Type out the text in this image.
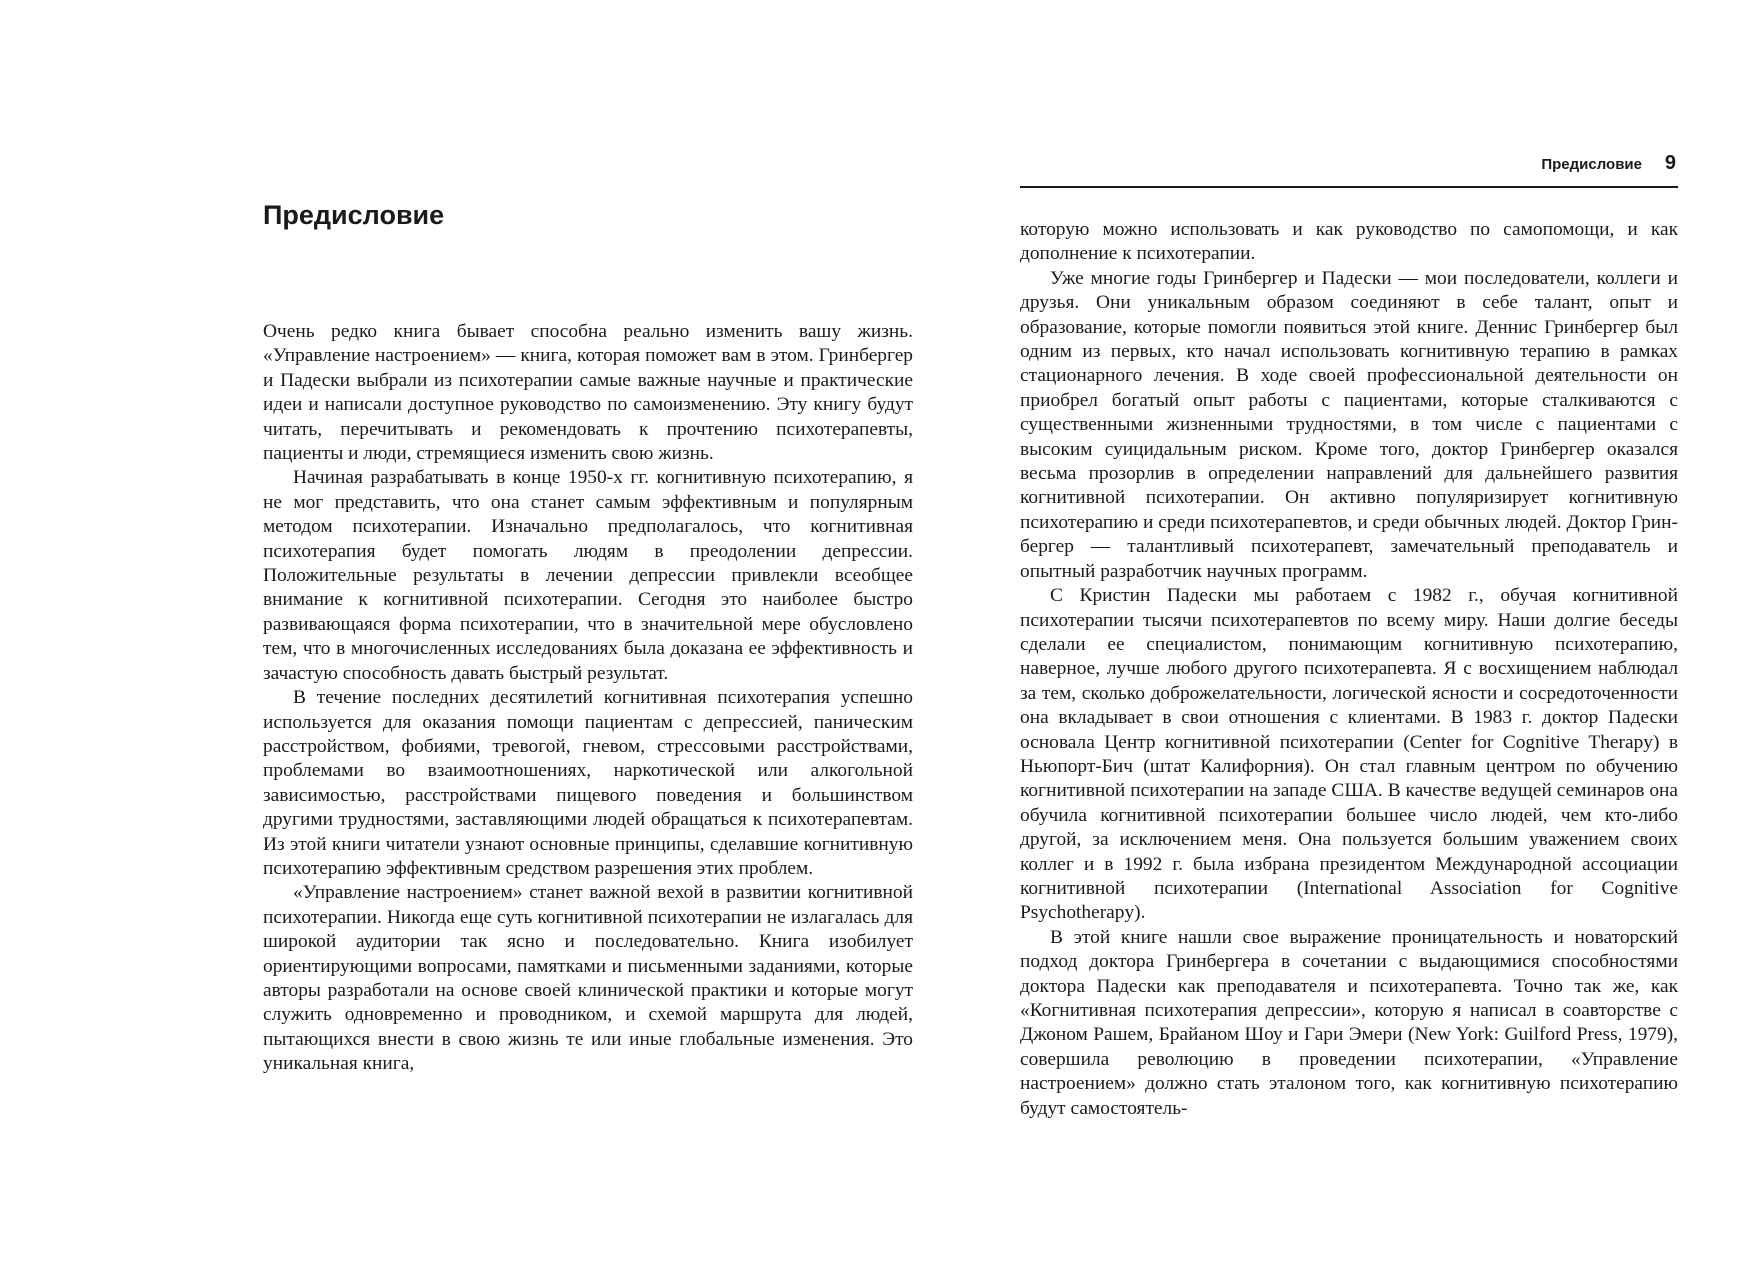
Предисловие

Очень редко книга бывает способна реально изменить вашу жизнь. «Управление настроением» — книга, которая поможет вам в этом. Гринбергер и Падески выбрали из психотерапии самые важные научные и практические идеи и написали доступное руководство по самоизменению. Эту книгу будут читать, перечитывать и рекомендовать к прочтению психотерапевты, пациенты и люди, стремящиеся изменить свою жизнь.

Начиная разрабатывать в конце 1950-х гг. когнитивную психотерапию, я не мог представить, что она станет самым эффективным и популярным методом психотерапии. Изначально предполагалось, что когнитивная психотерапия будет помогать людям в преодолении депрессии. Положительные результаты в лечении депрессии привлекли всеобщее внимание к когнитивной психотерапии. Сегодня это наиболее быстро развивающаяся форма психотерапии, что в значительной мере обусловлено тем, что в многочисленных исследованиях была доказана ее эффективность и зачастую способность давать быстрый результат.

В течение последних десятилетий когнитивная психотерапия успешно используется для оказания помощи пациентам с депрессией, паническим расстройством, фобиями, тревогой, гневом, стрессовыми расстройствами, проблемами во взаимоотношениях, наркотической или алкогольной зависимостью, расстройствами пищевого поведения и большинством другими трудностями, заставляющими людей обращаться к психотерапевтам. Из этой книги читатели узнают основные принципы, сделавшие когнитивную психотерапию эффективным средством разрешения этих проблем.

«Управление настроением» станет важной вехой в развитии когнитивной психотерапии. Никогда еще суть когнитивной психотерапии не излагалась для широкой аудитории так ясно и последовательно. Книга изобилует ориентирующими вопросами, памятками и письменными заданиями, которые авторы разработали на основе своей клинической практики и которые могут служить одновременно и проводником, и схемой маршрута для людей, пытающихся внести в свою жизнь те или иные глобальные изменения. Это уникальная книга,

Предисловие 9

которую можно использовать и как руководство по самопомощи, и как дополнение к психотерапии.

Уже многие годы Гринбергер и Падески — мои последователи, коллеги и друзья. Они уникальным образом соединяют в себе талант, опыт и образование, которые помогли появиться этой книге. Деннис Гринбергер был одним из первых, кто начал использовать когнитивную терапию в рамках стационарного лечения. В ходе своей профессиональной деятельности он приобрел богатый опыт работы с пациентами, которые сталкиваются с существенными жизненными трудностями, в том числе с пациентами с высоким суицидальным риском. Кроме того, доктор Гринбергер оказался весьма прозорлив в определении направлений для дальнейшего развития когнитивной психотерапии. Он активно популяризирует когнитивную психотерапию и среди психотерапевтов, и среди обычных людей. Доктор Гринбергер — талантливый психотерапевт, замечательный преподаватель и опытный разработчик научных программ.

С Кристин Падески мы работаем с 1982 г., обучая когнитивной психотерапии тысячи психотерапевтов по всему миру. Наши долгие беседы сделали ее специалистом, понимающим когнитивную психотерапию, наверное, лучше любого другого психотерапевта. Я с восхищением наблюдал за тем, сколько доброжелательности, логической ясности и сосредоточенности она вкладывает в свои отношения с клиентами. В 1983 г. доктор Падески основала Центр когнитивной психотерапии (Center for Cognitive Therapy) в Ньюпорт-Бич (штат Калифорния). Он стал главным центром по обучению когнитивной психотерапии на западе США. В качестве ведущей семинаров она обучила когнитивной психотерапии большее число людей, чем кто-либо другой, за исключением меня. Она пользуется большим уважением своих коллег и в 1992 г. была избрана президентом Международной ассоциации когнитивной психотерапии (International Association for Cognitive Psychotherapy).

В этой книге нашли свое выражение проницательность и новаторский подход доктора Гринбергера в сочетании с выдающимися способностями доктора Падески как преподавателя и психотерапевта. Точно так же, как «Когнитивная психотерапия депрессии», которую я написал в соавторстве с Джоном Рашем, Брайаном Шоу и Гари Эмери (New York: Guilford Press, 1979), совершила революцию в проведении психотерапии, «Управление настроением» должно стать эталоном того, как когнитивную психотерапию будут самостоятель-
